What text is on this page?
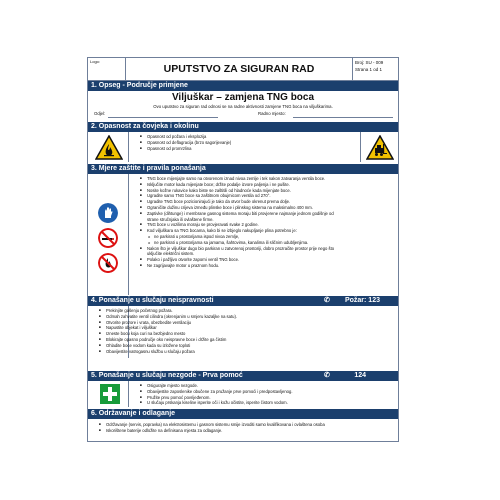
Logo:
UPUTSTVO ZA SIGURAN RAD
Broj: SU - 009
Strana 1 od 1
1. Opseg - Područje primjene
Viljuškar – zamjena TNG boca
Ovo uputstvo za siguran rad odnosi se na radne aktivnosti zamjene TNG boca na viljuškarima.
Odjel:	Radno mjesto:
2. Opasnost za čovjeka i okolinu
■ Opasnost od požara i eksplozija
■ Opasnost od deflagracija (brzo sagorijevanje)
■ Opasnost od promrzlina
3. Mjere zaštite i pravila ponašanja
■ TNG boce mijenjajte samo na otvorenom iznad nivoa zemlje i tek nakon zatvaranja ventila boce.
■ Isključite motor kada mijenjate boce; držite podalje izvore paljenja i ne pušite.
■ Nosite kožne rukavice kako biste se zaštitili od hladnoće kada mijenjate boce.
■ Ugradite samo TNG boce sa zaštitnom obujmicom ventila od 270°.
■ Ugradite TNG boce pozicionirajući je tako da otvor bude okrenut prema dolje.
■ Ograničite dužinu crijeva između plinske boce i plinskog sistema na maksimalno 400 mm.
■ Zaptivke (dihtunge) i membrane gasnog sistema moraju biti provjerene najmanje jednom godišnje od strane stručnjaka ili ovlaštene firme.
■ TNG boce u vozilima moraju se provjeravati svake 2 godine.
■ Kod viljuškara sa TNG bocama, kako bi se izbjeglo nakupljanje plina potrebno je:
o ne parkirati u prostorijama ispod nivoa zemlje,
o ne parkirati u prostorijama sa jamama, šahtovima, kanalima ili sličnim udubljenjima.
■ Nakon što je viljuškar dugo bio parkiran u zatvorenoj prostoriji, dobro prozračite prostor prije nego što uključite električni sistem.
■ Polako i pažljivo otvorite zaporni ventil TNG boce.
■ Ne zagrijavajte motor u praznom hodu.
4. Ponašanje u slučaju neispravnosti	✆	Požar: 123
■ Prekinjite gašenju početnog požara.
■ Odmah zahvatite ventil cilindra (okrenjanim u smjeru kazaljke na satu).
■ Otvorite prozore i vrata, obezbedite ventilaciju
■ Napustite objekat i viljuškar
■ Izneste bocu koja curi na bezbjedno mesto
■ Blokirajte opasno područje oko neispravne boce i držite ga čistim
■ Ohladite boce vodom kada su izložene toploti
■ Obavijestite vatrogasnu službu u slučaju požara
5. Ponašanje u slučaju nezgode - Prva pomoć	✆	124
■ Osigurajte mjesto nezgode.
■ Obavijestite zaposlenike obučene za pružanje prve pomoći i predpostavljenog.
■ Pružite prvu pomoć povrijeđenom.
■ U slučaju prskanja kiseline isperite oči i kožu očistite, isperite čistom vodom.
6. Održavanje i odlaganje
■ Održavanje (servis, popravka) na elektrosistemu i gasnom sistemu smije izvoditi samo kvalifikovana i ovlaštena osoba
■ Iskorištene baterije odložite na definisana mjesta za odlaganje.
